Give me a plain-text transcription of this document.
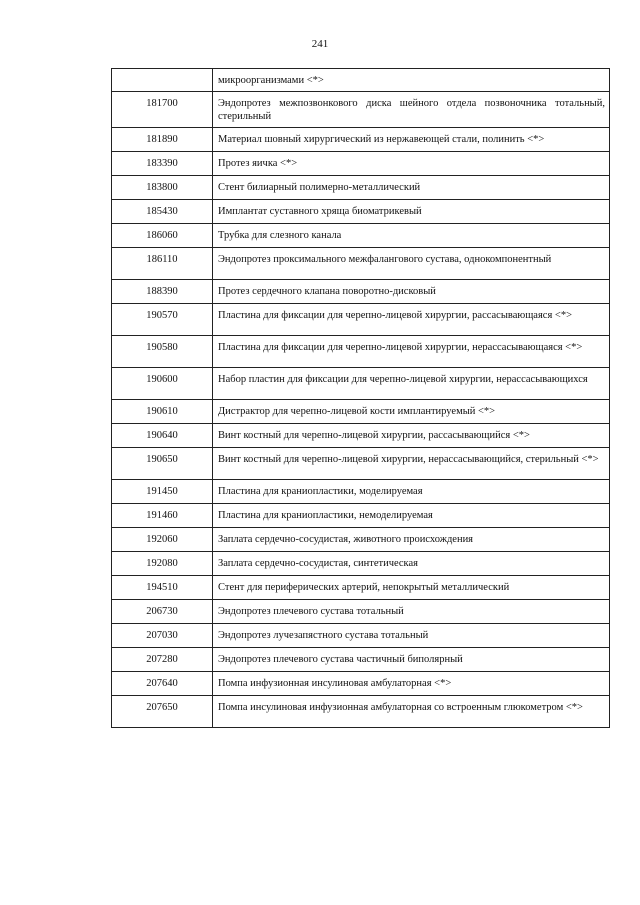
241
	микроорганизмами <*>
181700	Эндопротез межпозвонкового диска шейного отдела позвоночника тотальный, стерильный
181890	Материал шовный хирургический из нержавеющей стали, полинить <*>
183390	Протез яичка <*>
183800	Стент билиарный полимерно-металлический
185430	Имплантат суставного хряща биоматрикевый
186060	Трубка для слезного канала
186110	Эндопротез проксимального межфалангового сустава, однокомпонентный
188390	Протез сердечного клапана поворотно-дисковый
190570	Пластина для фиксации для черепно-лицевой хирургии, рассасывающаяся <*>
190580	Пластина для фиксации для черепно-лицевой хирургии, нерассасывающаяся <*>
190600	Набор пластин для фиксации для черепно-лицевой хирургии, нерассасывающихся
190610	Дистрактор для черепно-лицевой кости имплантируемый <*>
190640	Винт костный для черепно-лицевой хирургии, рассасывающийся <*>
190650	Винт костный для черепно-лицевой хирургии, нерассасывающийся, стерильный <*>
191450	Пластина для краниопластики, моделируемая
191460	Пластина для краниопластики, немоделируемая
192060	Заплата сердечно-сосудистая, животного происхождения
192080	Заплата сердечно-сосудистая, синтетическая
194510	Стент для периферических артерий, непокрытый металлический
206730	Эндопротез плечевого сустава тотальный
207030	Эндопротез лучезапястного сустава тотальный
207280	Эндопротез плечевого сустава частичный биполярный
207640	Помпа инфузионная инсулиновая амбулаторная <*>
207650	Помпа инсулиновая инфузионная амбулаторная со встроенным глюкометром <*>
